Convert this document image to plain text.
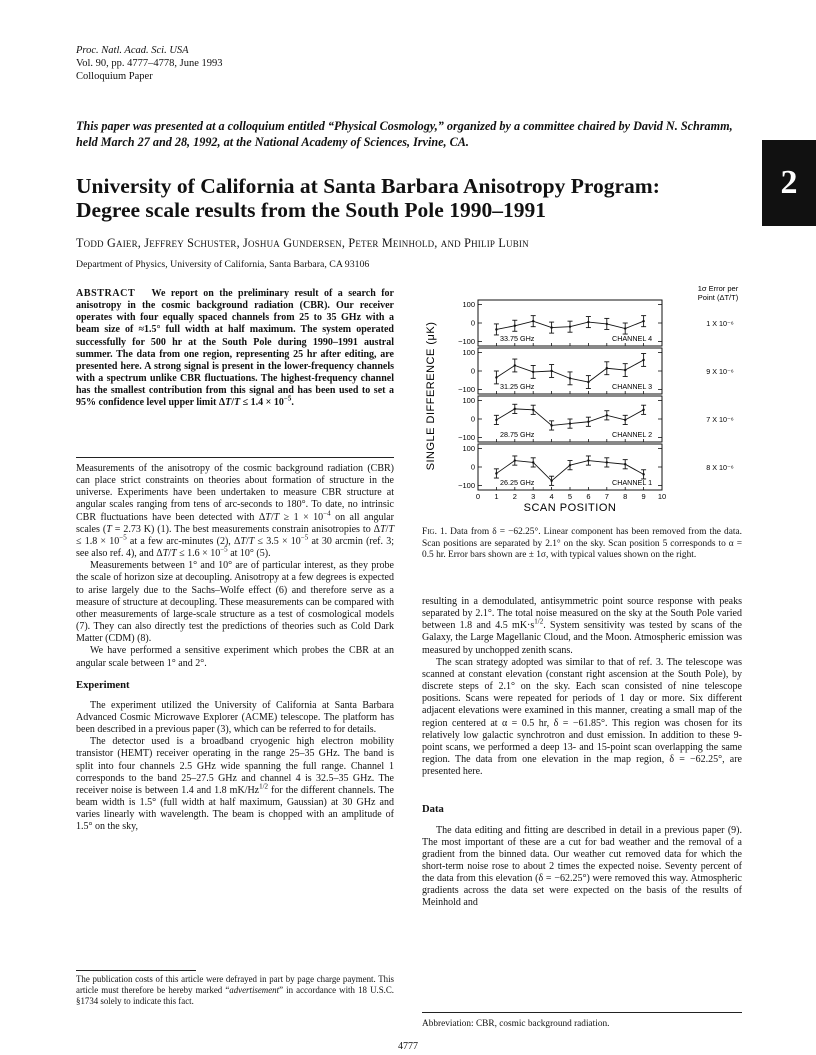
Proc. Natl. Acad. Sci. USA
Vol. 90, pp. 4777–4778, June 1993
Colloquium Paper
This paper was presented at a colloquium entitled “Physical Cosmology,” organized by a committee chaired by David N. Schramm, held March 27 and 28, 1992, at the National Academy of Sciences, Irvine, CA.
2
University of California at Santa Barbara Anisotropy Program:
Degree scale results from the South Pole 1990–1991
Todd Gaier, Jeffrey Schuster, Joshua Gundersen, Peter Meinhold, and Philip Lubin
Department of Physics, University of California, Santa Barbara, CA 93106

ABSTRACT We report on the preliminary result of a search for anisotropy in the cosmic background radiation (CBR). Our receiver operates with four equally spaced channels from 25 to 35 GHz with a beam size of ≈1.5° full width at half maximum. The system operated successfully for 500 hr at the South Pole during 1990–1991 austral summer. The data from one region, representing 25 hr after editing, are presented here. A strong signal is present in the lower-frequency channels with a spectrum unlike CBR fluctuations. The highest-frequency channel has the smallest contribution from this signal and has been used to set a 95% confidence level upper limit $\Delta T/T \le 1.4 \times 10^{-5}$.

Measurements of the anisotropy of the cosmic background radiation (CBR) can place strict constraints on theories about formation of structure in the universe. Experiments have been undertaken to measure CBR structure at angular scales ranging from tens of arc-seconds to 180°. To date, no intrinsic CBR fluctuations have been detected with $\Delta T/T \ge 1 \times 10^{-4}$ on all angular scales (T = 2.73 K) (1). The best measurements constrain anisotropies to $\Delta T/T \le 1.8 \times 10^{-5}$ at a few arc-minutes (2), $\Delta T/T \le 3.5 \times 10^{-5}$ at 30 arcmin (ref. 3; see also ref. 4), and $\Delta T/T \le 1.6 \times 10^{-5}$ at 10° (5).

Measurements between 1° and 10° are of particular interest, as they probe the scale of horizon size at decoupling. Anisotropy at a few degrees is expected to arise largely due to the Sachs–Wolfe effect (6) and therefore serve as a measure of structure at decoupling. These measurements can be compared with other measurements of large-scale structure as a test of cosmological models (7). They can also directly test the predictions of theories such as Cold Dark Matter (CDM) (8).

We have performed a sensitive experiment which probes the CBR at an angular scale between 1° and 2°.

Experiment

The experiment utilized the University of California at Santa Barbara Advanced Cosmic Microwave Explorer (ACME) telescope. The platform has been described in a previous paper (3), which can be referred to for details.

The detector used is a broadband cryogenic high electron mobility transistor (HEMT) receiver operating in the range 25–35 GHz. The band is split into four channels 2.5 GHz wide spanning the full range. Channel 1 corresponds to the band 25–27.5 GHz and channel 4 is 32.5–35 GHz. The receiver noise is between 1.4 and 1.8 $mK/Hz^{1/2}$ for the different channels. The beam width is 1.5° (full width at half maximum, Gaussian) at 30 GHz and varies linearly with wavelength. The beam is chopped with an amplitude of 1.5° on the sky,

The publication costs of this article were defrayed in part by page charge payment. This article must therefore be hereby marked “advertisement” in accordance with 18 U.S.C. §1734 solely to indicate this fact.
1σ Error per
Point (ΔT/T)
100
0
−100	33.75 GHz	CHANNEL 4
1 X 10⁻⁶
100
0
−100	31.25 GHz	CHANNEL 3
9 X 10⁻⁶
100
0
−100	28.75 GHz	CHANNEL 2
7 X 10⁻⁶
100
0
−100	26.25 GHz	CHANNEL 1
8 X 10⁻⁶
0 1 2 3 4 5 6 7 8 9 10
SCAN POSITION
SINGLE DIFFERENCE (μK)
Fig. 1. Data from δ = −62.25°. Linear component has been removed from the data. Scan positions are separated by 2.1° on the sky. Scan position 5 corresponds to α = 0.5 hr. Error bars shown are ± 1σ, with typical values shown on the right.

resulting in a demodulated, antisymmetric point source response with peaks separated by 2.1°. The total noise measured on the sky at the South Pole varied between 1.8 and 4.5 $mK\cdot s^{1/2}$. System sensitivity was tested by scans of the Galaxy, the Large Magellanic Cloud, and the Moon. Atmospheric emission was measured by unchopped zenith scans.

The scan strategy adopted was similar to that of ref. 3. The telescope was scanned at constant elevation (constant right ascension at the South Pole), by discrete steps of 2.1° on the sky. Each scan consisted of nine telescope positions. Scans were repeated for periods of 1 day or more. Six different adjacent elevations were examined in this manner, creating a small map of the region centered at α = 0.5 hr, δ = −61.85°. This region was chosen for its relatively low galactic synchrotron and dust emission. In addition to these 9-point scans, we performed a deep 13- and 15-point scan overlapping the same region. The data from one elevation in the map region, δ = −62.25°, are presented here.

Data

The data editing and fitting are described in detail in a previous paper (9). The most important of these are a cut for bad weather and the removal of a gradient from the binned data. Our weather cut removed data for which the short-term noise rose to about 2 times the expected noise. Seventy percent of the data from this elevation (δ = −62.25°) were removed this way. Atmospheric gradients across the data set were expected on the basis of the results of Meinhold and

Abbreviation: CBR, cosmic background radiation.
4777
